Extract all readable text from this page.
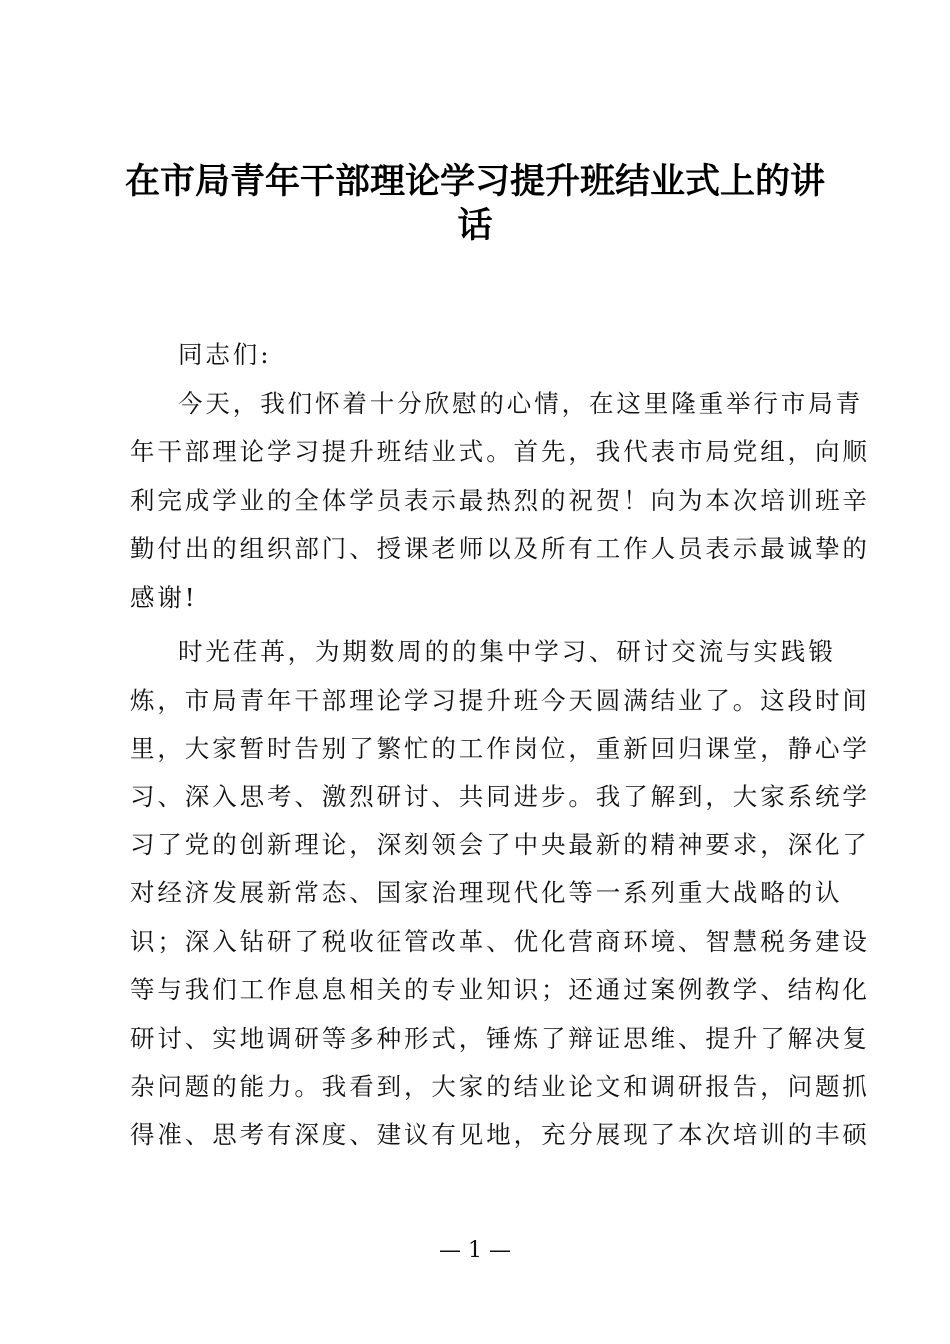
在市局青年干部理论学习提升班结业式上的讲
话
同志们:
今天，我们怀着十分欣慰的心情，在这里隆重举行市局青
年干部理论学习提升班结业式。首先，我代表市局党组，向顺
利完成学业的全体学员表示最热烈的祝贺！向为本次培训班辛
勤付出的组织部门、授课老师以及所有工作人员表示最诚挚的
感谢!
时光荏苒，为期数周的的集中学习、研讨交流与实践锻
炼，市局青年干部理论学习提升班今天圆满结业了。这段时间
里，大家暂时告别了繁忙的工作岗位，重新回归课堂，静心学
习、深入思考、激烈研讨、共同进步。我了解到，大家系统学
习了党的创新理论，深刻领会了中央最新的精神要求，深化了
对经济发展新常态、国家治理现代化等一系列重大战略的认
识；深入钻研了税收征管改革、优化营商环境、智慧税务建设
等与我们工作息息相关的专业知识；还通过案例教学、结构化
研讨、实地调研等多种形式，锤炼了辩证思维、提升了解决复
杂问题的能力。我看到，大家的结业论文和调研报告，问题抓
得准、思考有深度、建议有见地，充分展现了本次培训的丰硕
— 1 —
